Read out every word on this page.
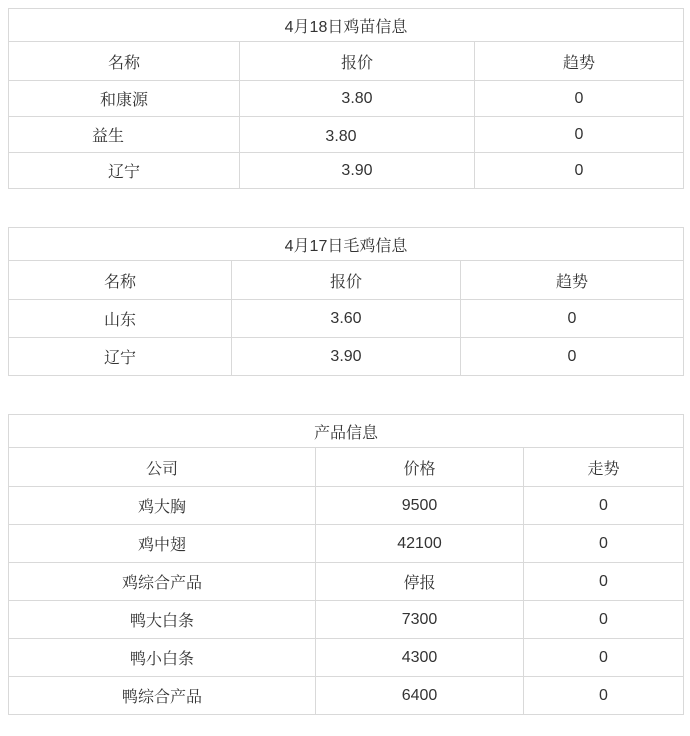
4月18日鸡苗信息		
名称	报价	趋势
和康源	3.80	0
益生　　	3.80　　	0
辽宁	3.90	0
4月17日毛鸡信息		
名称	报价	趋势
山东	3.60	0
辽宁	3.90	0
产品信息		
公司	价格	走势
鸡大胸	9500	0
鸡中翅	42100	0
鸡综合产品	停报	0
鸭大白条	7300	0
鸭小白条	4300	0
鸭综合产品	6400	0
